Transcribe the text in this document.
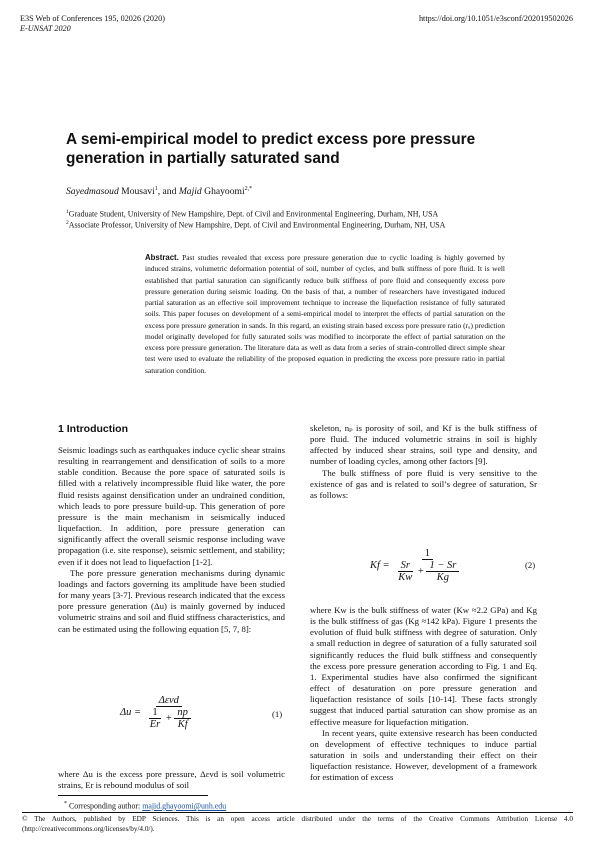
E3S Web of Conferences 195, 02026 (2020)
E-UNSAT 2020
https://doi.org/10.1051/e3sconf/202019502026
A semi-empirical model to predict excess pore pressure generation in partially saturated sand
Sayedmasoud Mousavi$^1$, and Majid Ghayoomi$^{2,*}$
$^1$Graduate Student, University of New Hampshire, Dept. of Civil and Environmental Engineering, Durham, NH, USA
$^2$Associate Professor, University of New Hampshire, Dept. of Civil and Environmental Engineering, Durham, NH, USA
Abstract. Past studies revealed that excess pore pressure generation due to cyclic loading is highly governed by induced strains, volumetric deformation potential of soil, number of cycles, and bulk stiffness of pore fluid. It is well established that partial saturation can significantly reduce bulk stiffness of pore fluid and consequently excess pore pressure generation during seismic loading. On the basis of that, a number of researchers have investigated induced partial saturation as an effective soil improvement technique to increase the liquefaction resistance of fully saturated soils. This paper focuses on development of a semi-empirical model to interpret the effects of partial saturation on the excess pore pressure generation in sands. In this regard, an existing strain based excess pore pressure ratio (rᵤ) prediction model originally developed for fully saturated soils was modified to incorporate the effect of partial saturation on the excess pore pressure generation. The literature data as well as data from a series of strain-controlled direct simple shear test were used to evaluate the reliability of the proposed equation in predicting the excess pore pressure ratio in partial saturation condition.
1 Introduction

Seismic loadings such as earthquakes induce cyclic shear strains resulting in rearrangement and densification of soils to a more stable condition. Because the pore space of saturated soils is filled with a relatively incompressible fluid like water, the pore fluid resists against densification under an undrained condition, which leads to pore pressure build-up. This generation of pore pressure is the main mechanism in seismically induced liquefaction. In addition, pore pressure generation can significantly affect the overall seismic response including wave propagation (i.e. site response), seismic settlement, and stability; even if it does not lead to liquefaction [1-2].

The pore pressure generation mechanisms during dynamic loadings and factors governing its amplitude have been studied for many years [3-7]. Previous research indicated that the excess pore pressure generation (Δu) is mainly governed by induced volumetric strains and soil and fluid stiffness characteristics, and can be estimated using the following equation [5, 7, 8]:

$\Delta u = \frac{\text{Δεvd}}{\frac{1}{Er} + \frac{np}{Kf}}$	(1)

where Δu is the excess pore pressure, Δεvd is soil volumetric strains, Er is rebound modulus of soil

skeleton, nₚ is porosity of soil, and Kf is the bulk stiffness of pore fluid. The induced volumetric strains in soil is highly affected by induced shear strains, soil type and density, and number of loading cycles, among other factors [9].

The bulk stiffness of pore fluid is very sensitive to the existence of gas and is related to soil’s degree of saturation, Sr as follows:

Kf =
1
$\frac{Sr}{Kw} + \frac{1 - Sr}{Kg}$	(2)

where Kw is the bulk stiffness of water (Kw ≈2.2 GPa) and Kg is the bulk stiffness of gas (Kg ≈142 kPa). Figure 1 presents the evolution of fluid bulk stiffness with degree of saturation. Only a small reduction in degree of saturation of a fully saturated soil significantly reduces the fluid bulk stiffness and consequently the excess pore pressure generation according to Fig. 1 and Eq. 1. Experimental studies have also confirmed the significant effect of desaturation on pore pressure generation and liquefaction resistance of soils [10-14]. These facts strongly suggest that induced partial saturation can show promise as an effective measure for liquefaction mitigation.

In recent years, quite extensive research has been conducted on development of effective techniques to induce partial saturation in soils and understanding their effect on their liquefaction resistance. However, development of a framework for estimation of excess

* Corresponding author: majid.ghayoomi@unh.edu
© The Authors, published by EDP Sciences. This is an open access article distributed under the terms of the Creative Commons Attribution License 4.0 (http://creativecommons.org/licenses/by/4.0/).
